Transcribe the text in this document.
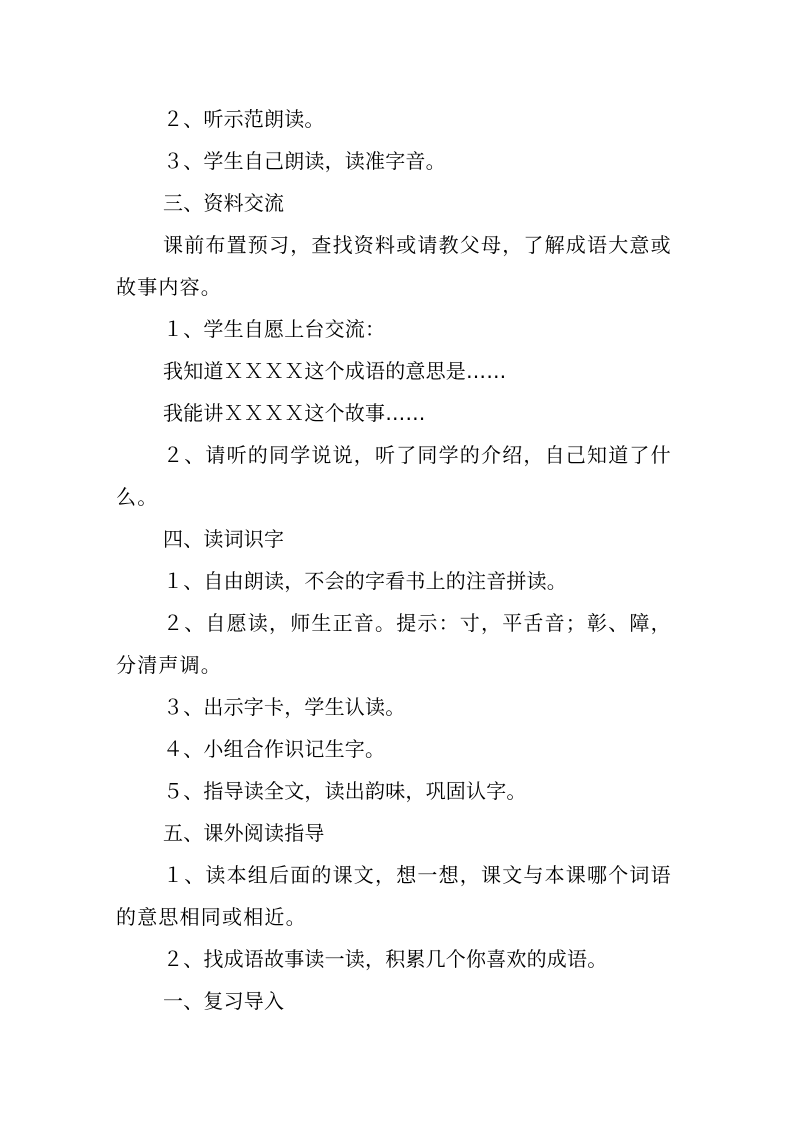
２、听示范朗读。

３、学生自己朗读，读准字音。

三、资料交流

课前布置预习，查找资料或请教父母，了解成语大意或故事内容。

１、学生自愿上台交流：

我知道ＸＸＸＸ这个成语的意思是……

我能讲ＸＸＸＸ这个故事……

２、请听的同学说说，听了同学的介绍，自己知道了什么。

四、读词识字

１、自由朗读，不会的字看书上的注音拼读。

２、自愿读，师生正音。提示：寸，平舌音；彰、障，分清声调。

３、出示字卡，学生认读。

４、小组合作识记生字。

５、指导读全文，读出韵味，巩固认字。

五、课外阅读指导

１、读本组后面的课文，想一想，课文与本课哪个词语的意思相同或相近。

２、找成语故事读一读，积累几个你喜欢的成语。

一、复习导入
